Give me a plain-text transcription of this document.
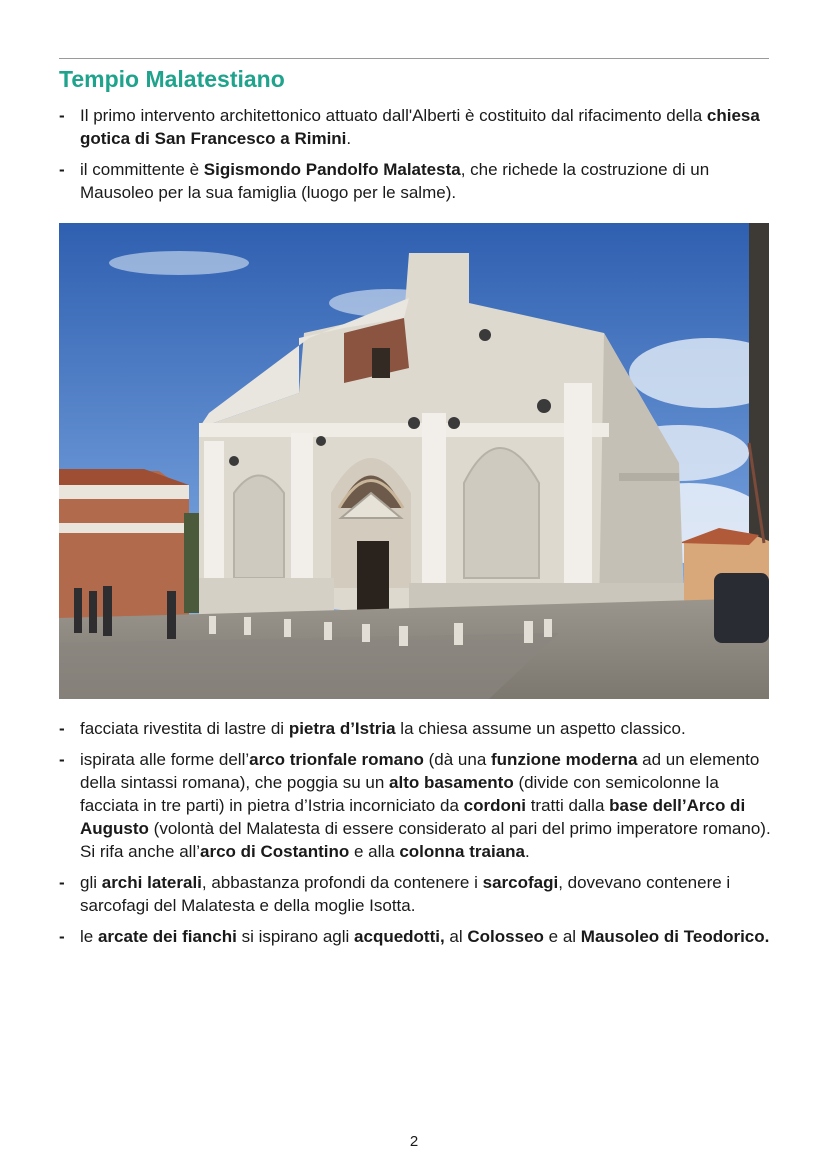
Tempio Malatestiano
- Il primo intervento architettonico attuato dall'Alberti è costituito dal rifacimento della chiesa gotica di San Francesco a Rimini.
- il committente è Sigismondo Pandolfo Malatesta, che richede la costruzione di un Mausoleo per la sua famiglia (luogo per le salme).
- facciata rivestita di lastre di pietra d’Istria la chiesa assume un aspetto classico.
- ispirata alle forme dell’arco trionfale romano (dà una funzione moderna ad un elemento della sintassi romana), che poggia su un alto basamento (divide con semicolonne la facciata in tre parti) in pietra d’Istria incorniciato da cordoni tratti dalla base dell’Arco di Augusto (volontà del Malatesta di essere considerato al pari del primo imperatore romano). Si rifa anche all’arco di Costantino e alla colonna traiana.
- gli archi laterali, abbastanza profondi da contenere i sarcofagi, dovevano contenere i sarcofagi del Malatesta e della moglie Isotta.
- le arcate dei fianchi si ispirano agli acquedotti, al Colosseo e al Mausoleo di Teodorico.
2
